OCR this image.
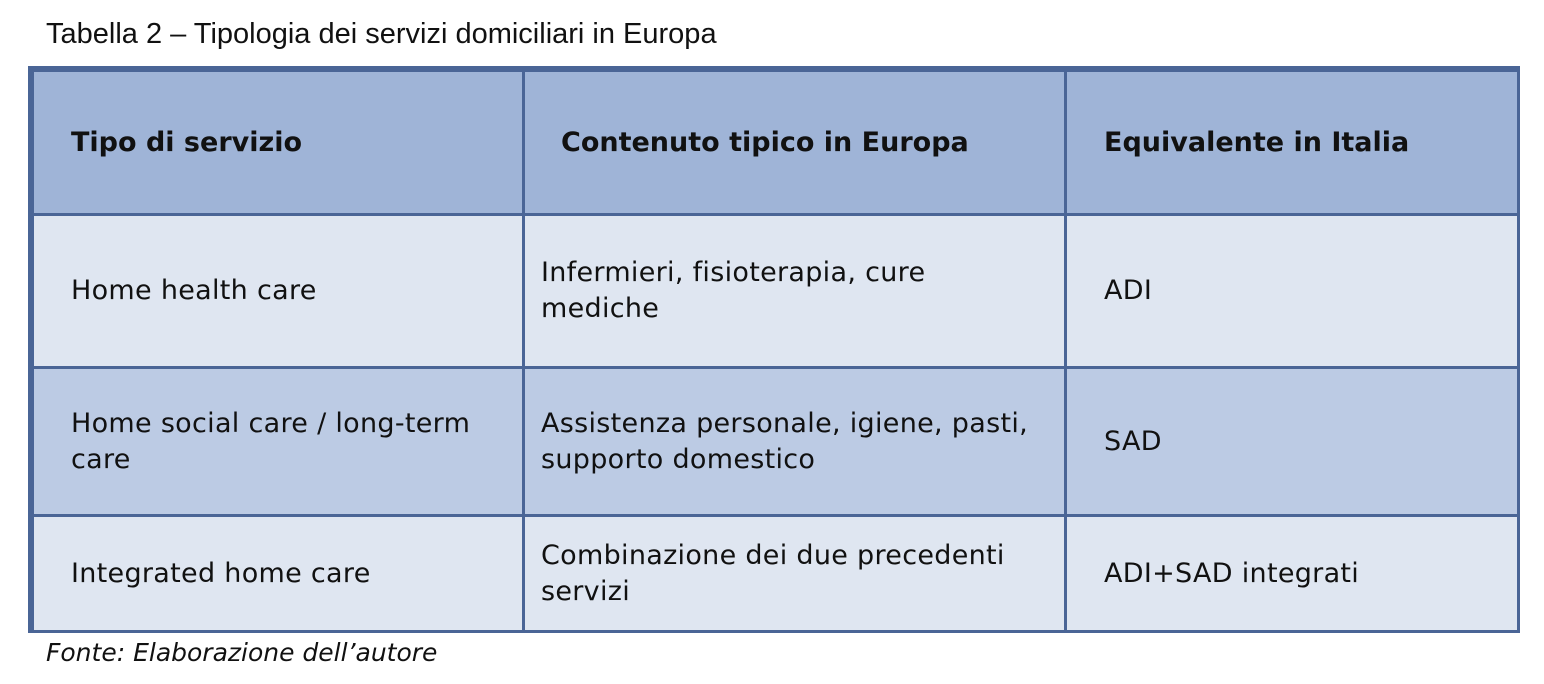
Tabella 2 – Tipologia dei servizi domiciliari in Europa
Tipo di servizio	Contenuto tipico in Europa	Equivalente in Italia

Home health care	Infermieri, fisioterapia, cure mediche	ADI

Home social care / long-term care	Assistenza personale, igiene, pasti, supporto domestico	SAD

Integrated home care	Combinazione dei due precedenti servizi	ADI+SAD integrati
Fonte: Elaborazione dell’autore
